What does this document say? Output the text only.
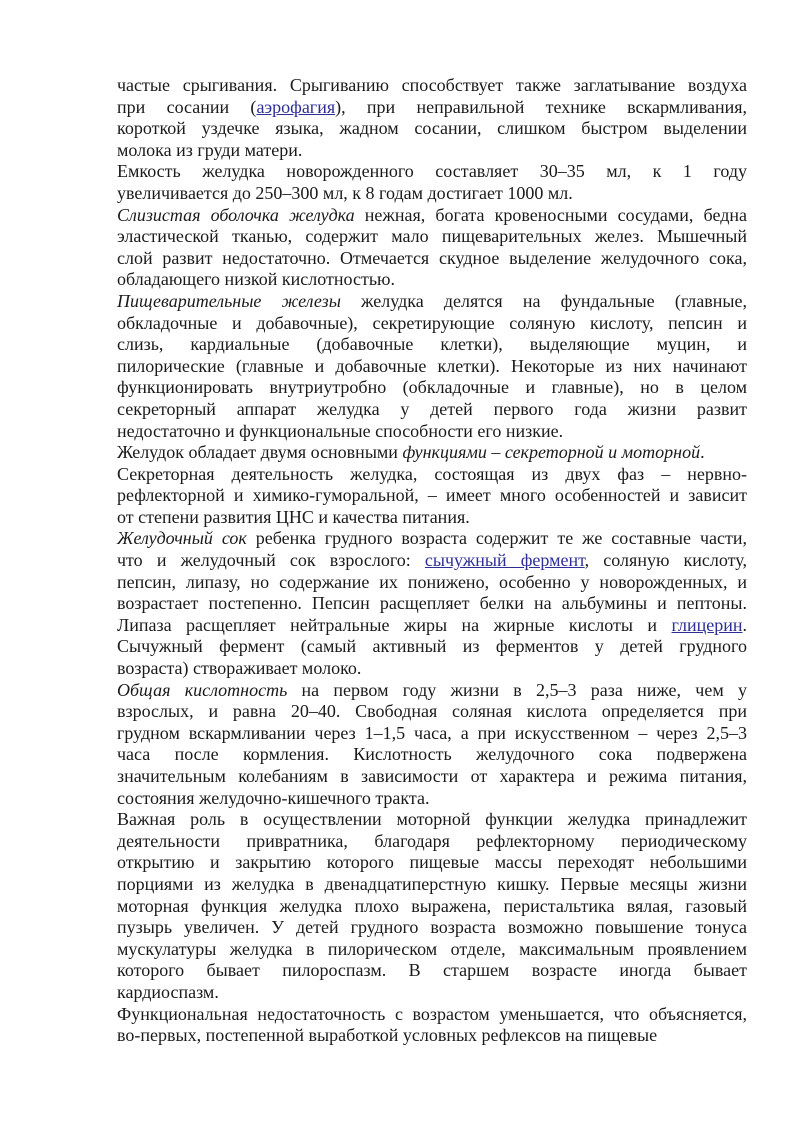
частые срыгивания. Срыгиванию способствует также заглатывание воздуха
при сосании (аэрофагия), при неправильной технике вскармливания,
короткой уздечке языка, жадном сосании, слишком быстром выделении
молока из груди матери.
Емкость желудка новорожденного составляет 30–35 мл, к 1 году
увеличивается до 250–300 мл, к 8 годам достигает 1000 мл.
Слизистая оболочка желудка нежная, богата кровеносными сосудами, бедна
эластической тканью, содержит мало пищеварительных желез. Мышечный
слой развит недостаточно. Отмечается скудное выделение желудочного сока,
обладающего низкой кислотностью.
Пищеварительные железы желудка делятся на фундальные (главные,
обкладочные и добавочные), секретирующие соляную кислоту, пепсин и
слизь, кардиальные (добавочные клетки), выделяющие муцин, и
пилорические (главные и добавочные клетки). Некоторые из них начинают
функционировать внутриутробно (обкладочные и главные), но в целом
секреторный аппарат желудка у детей первого года жизни развит
недостаточно и функциональные способности его низкие.
Желудок обладает двумя основными функциями – секреторной и моторной.
Секреторная деятельность желудка, состоящая из двух фаз – нервно-
рефлекторной и химико-гуморальной, – имеет много особенностей и зависит
от степени развития ЦНС и качества питания.
Желудочный сок ребенка грудного возраста содержит те же составные части,
что и желудочный сок взрослого: сычужный фермент, соляную кислоту,
пепсин, липазу, но содержание их понижено, особенно у новорожденных, и
возрастает постепенно. Пепсин расщепляет белки на альбумины и пептоны.
Липаза расщепляет нейтральные жиры на жирные кислоты и глицерин.
Сычужный фермент (самый активный из ферментов у детей грудного
возраста) створаживает молоко.
Общая кислотность на первом году жизни в 2,5–3 раза ниже, чем у
взрослых, и равна 20–40. Свободная соляная кислота определяется при
грудном вскармливании через 1–1,5 часа, а при искусственном – через 2,5–3
часа после кормления. Кислотность желудочного сока подвержена
значительным колебаниям в зависимости от характера и режима питания,
состояния желудочно-кишечного тракта.
Важная роль в осуществлении моторной функции желудка принадлежит
деятельности привратника, благодаря рефлекторному периодическому
открытию и закрытию которого пищевые массы переходят небольшими
порциями из желудка в двенадцатиперстную кишку. Первые месяцы жизни
моторная функция желудка плохо выражена, перистальтика вялая, газовый
пузырь увеличен. У детей грудного возраста возможно повышение тонуса
мускулатуры желудка в пилорическом отделе, максимальным проявлением
которого бывает пилороспазм. В старшем возрасте иногда бывает
кардиоспазм.
Функциональная недостаточность с возрастом уменьшается, что объясняется,
во-первых, постепенной выработкой условных рефлексов на пищевые
